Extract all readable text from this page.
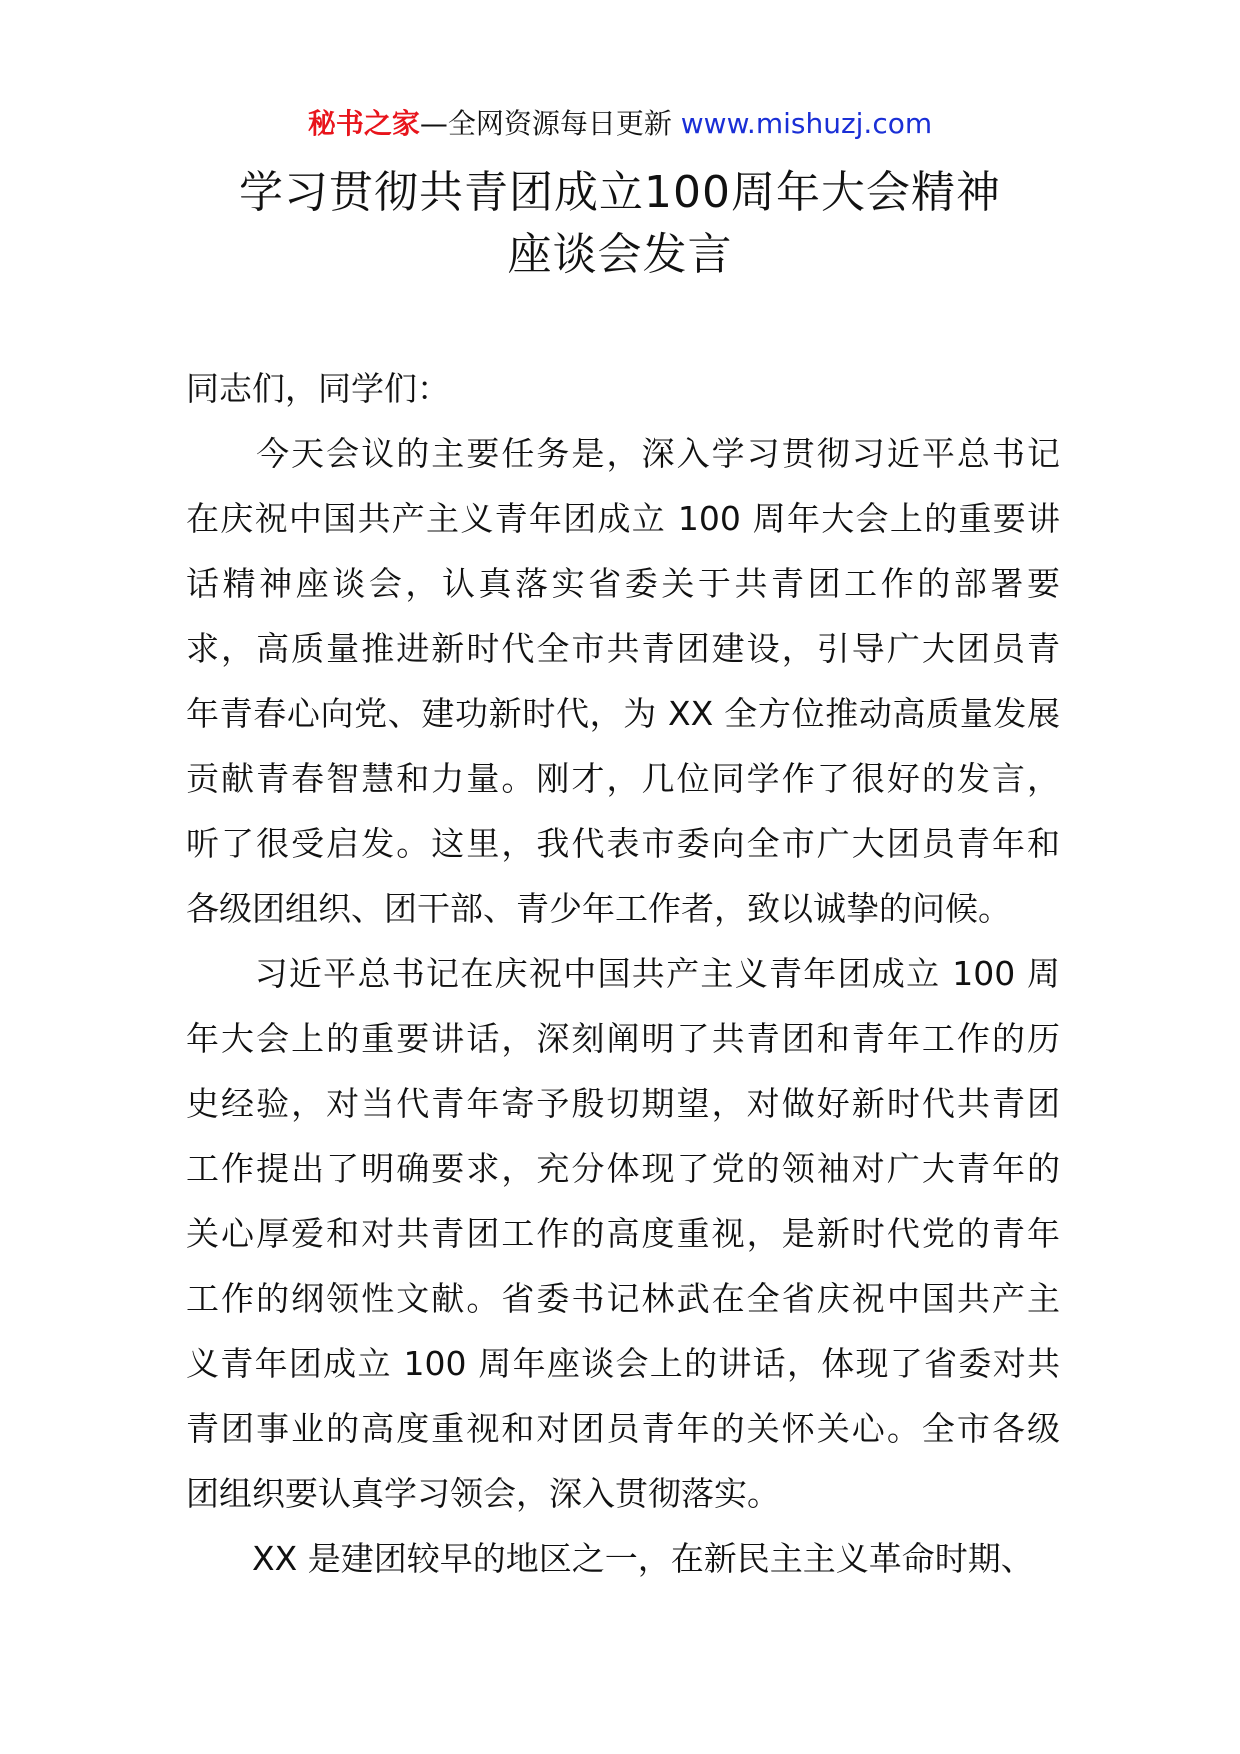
秘书之家—全网资源每日更新 www.mishuzj.com
学习贯彻共青团成立100周年大会精神
座谈会发言

同志们，同学们：

　　今天会议的主要任务是，深入学习贯彻习近平总书记
在庆祝中国共产主义青年团成立 100 周年大会上的重要讲
话精神座谈会，认真落实省委关于共青团工作的部署要
求，高质量推进新时代全市共青团建设，引导广大团员青
年青春心向党、建功新时代，为 XX 全方位推动高质量发展
贡献青春智慧和力量。刚才，几位同学作了很好的发言，
听了很受启发。这里，我代表市委向全市广大团员青年和
各级团组织、团干部、青少年工作者，致以诚挚的问候。

　　习近平总书记在庆祝中国共产主义青年团成立 100 周
年大会上的重要讲话，深刻阐明了共青团和青年工作的历
史经验，对当代青年寄予殷切期望，对做好新时代共青团
工作提出了明确要求，充分体现了党的领袖对广大青年的
关心厚爱和对共青团工作的高度重视，是新时代党的青年
工作的纲领性文献。省委书记林武在全省庆祝中国共产主
义青年团成立 100 周年座谈会上的讲话，体现了省委对共
青团事业的高度重视和对团员青年的关怀关心。全市各级
团组织要认真学习领会，深入贯彻落实。

　　XX 是建团较早的地区之一，在新民主主义革命时期、
